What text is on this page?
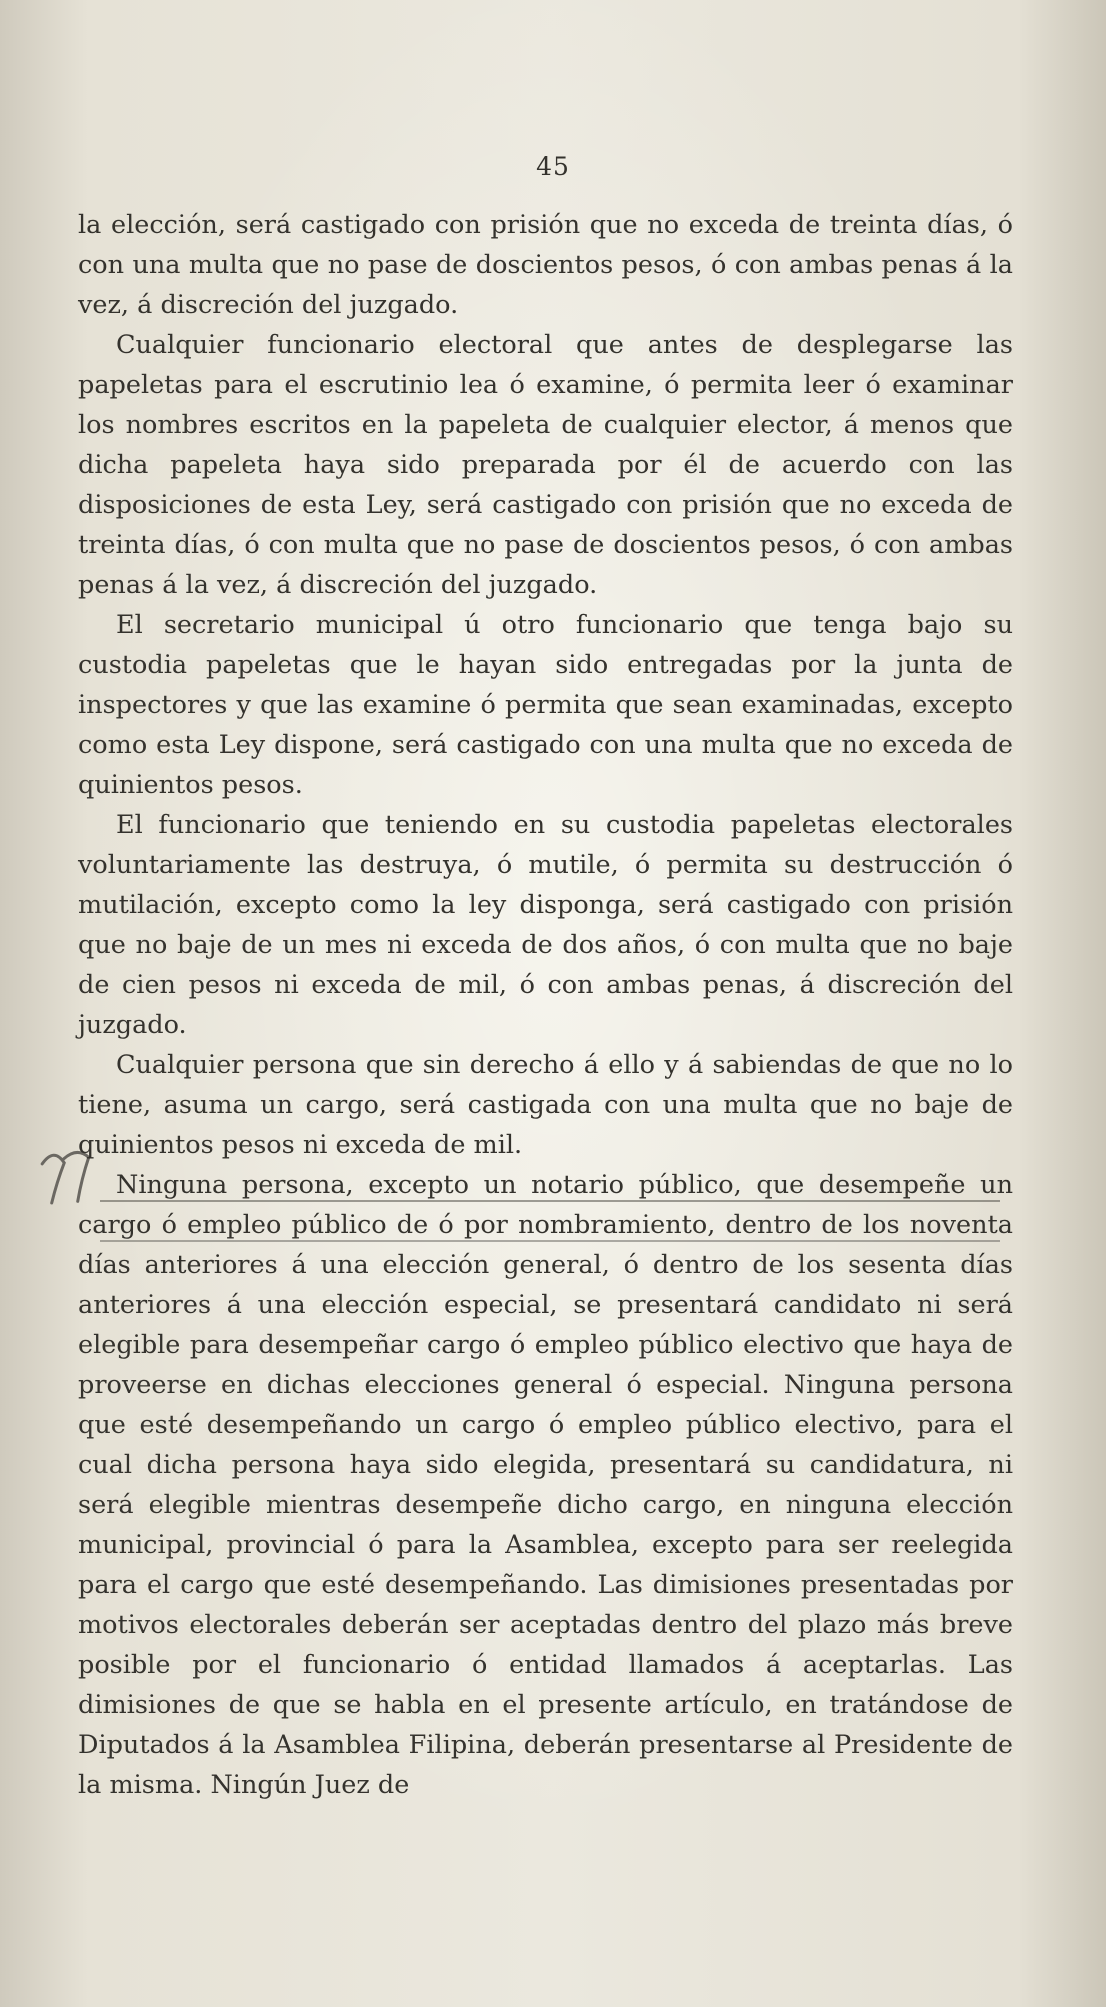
45

la elección, será castigado con prisión que no exceda de treinta días, ó con una multa que no pase de doscientos pesos, ó con ambas penas á la vez, á discreción del juzgado.

Cualquier funcionario electoral que antes de desplegarse las papeletas para el escrutinio lea ó examine, ó permita leer ó examinar los nombres escritos en la papeleta de cualquier elector, á menos que dicha papeleta haya sido preparada por él de acuerdo con las disposiciones de esta Ley, será castigado con prisión que no exceda de treinta días, ó con multa que no pase de doscientos pesos, ó con ambas penas á la vez, á discreción del juzgado.

El secretario municipal ú otro funcionario que tenga bajo su custodia papeletas que le hayan sido entregadas por la junta de inspectores y que las examine ó permita que sean examinadas, excepto como esta Ley dispone, será castigado con una multa que no exceda de quinientos pesos.

El funcionario que teniendo en su custodia papeletas electorales voluntariamente las destruya, ó mutile, ó permita su destrucción ó mutilación, excepto como la ley disponga, será castigado con prisión que no baje de un mes ni exceda de dos años, ó con multa que no baje de cien pesos ni exceda de mil, ó con ambas penas, á discreción del juzgado.

Cualquier persona que sin derecho á ello y á sabiendas de que no lo tiene, asuma un cargo, será castigada con una multa que no baje de quinientos pesos ni exceda de mil.

Ninguna persona, excepto un notario público, que desempeñe un cargo ó empleo público de ó por nombramiento, dentro de los noventa días anteriores á una elección general, ó dentro de los sesenta días anteriores á una elección especial, se presentará candidato ni será elegible para desempeñar cargo ó empleo público electivo que haya de proveerse en dichas elecciones general ó especial. Ninguna persona que esté desempeñando un cargo ó empleo público electivo, para el cual dicha persona haya sido elegida, presentará su candidatura, ni será elegible mientras desempeñe dicho cargo, en ninguna elección municipal, provincial ó para la Asamblea, excepto para ser reelegida para el cargo que esté desempeñando. Las dimisiones presentadas por motivos electorales deberán ser aceptadas dentro del plazo más breve posible por el funcionario ó entidad llamados á aceptarlas. Las dimisiones de que se habla en el presente artículo, en tratándose de Diputados á la Asamblea Filipina, deberán presentarse al Presidente de la misma. Ningún Juez de
